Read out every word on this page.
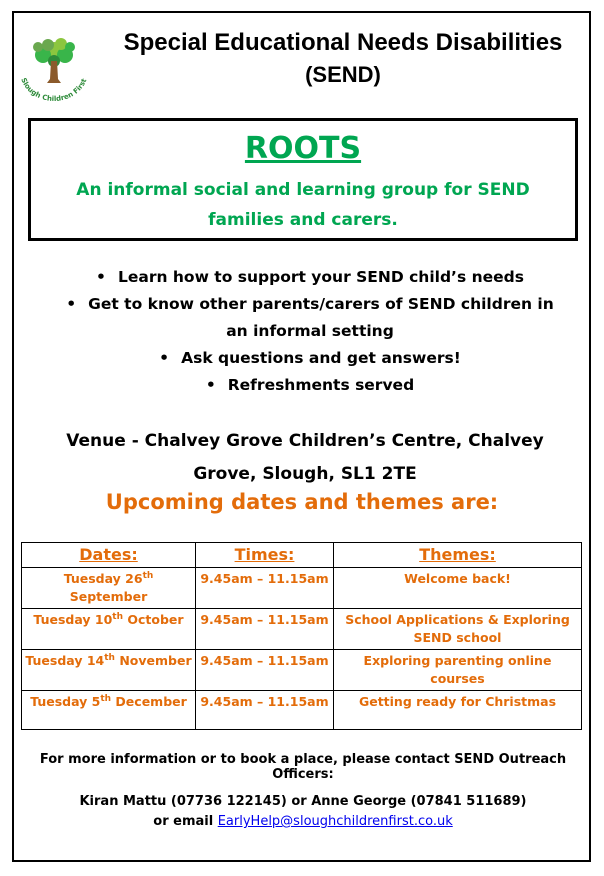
Slough Children First
Special Educational Needs Disabilities
(SEND)
ROOTS
An informal social and learning group for SEND families and carers.
• Learn how to support your SEND child’s needs
• Get to know other parents/carers of SEND children in an informal setting
• Ask questions and get answers!
• Refreshments served
Venue - Chalvey Grove Children’s Centre, Chalvey Grove, Slough, SL1 2TE
Upcoming dates and themes are:
Dates:	Times:	Themes:
Tuesday 26th September	9.45am – 11.15am	Welcome back!
Tuesday 10th October	9.45am – 11.15am	School Applications & Exploring SEND school
Tuesday 14th November	9.45am – 11.15am	Exploring parenting online courses
Tuesday 5th December	9.45am – 11.15am	Getting ready for Christmas
For more information or to book a place, please contact SEND Outreach Officers:
Kiran Mattu (07736 122145) or Anne George (07841 511689)
or email EarlyHelp@sloughchildrenfirst.co.uk
